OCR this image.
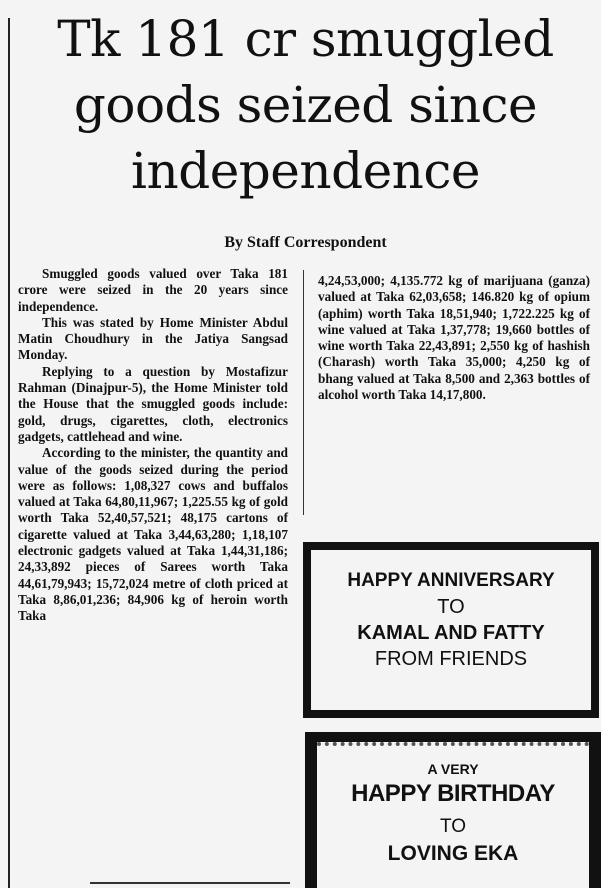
Tk 181 cr smuggled
goods seized since
independence
By Staff Correspondent

Smuggled goods valued over Taka 181 crore were seized in the 20 years since independence.

This was stated by Home Minister Abdul Matin Choudhury in the Jatiya Sangsad Monday.

Replying to a question by Mostafizur Rahman (Dinajpur-5), the Home Minister told the House that the smuggled goods include: gold, drugs, cigarettes, cloth, electronics gadgets, cattlehead and wine.

According to the minister, the quantity and value of the goods seized during the period were as follows: 1,08,327 cows and buffalos valued at Taka 64,80,11,967; 1,225.55 kg of gold worth Taka 52,40,57,521; 48,175 cartons of cigarette valued at Taka 3,44,63,280; 1,18,107 electronic gadgets valued at Taka 1,44,31,186; 24,33,892 pieces of Sarees worth Taka 44,61,79,943; 15,72,024 metre of cloth priced at Taka 8,86,01,236; 84,906 kg of heroin worth Taka

4,24,53,000; 4,135.772 kg of marijuana (ganza) valued at Taka 62,03,658; 146.820 kg of opium (aphim) worth Taka 18,51,940; 1,722.225 kg of wine valued at Taka 1,37,778; 19,660 bottles of wine worth Taka 22,43,891; 2,550 kg of hashish (Charash) worth Taka 35,000; 4,250 kg of bhang valued at Taka 8,500 and 2,363 bottles of alcohol worth Taka 14,17,800.

HAPPY ANNIVERSARY
TO
KAMAL AND FATTY
FROM FRIENDS
A VERY
HAPPY BIRTHDAY
TO
LOVING EKA
